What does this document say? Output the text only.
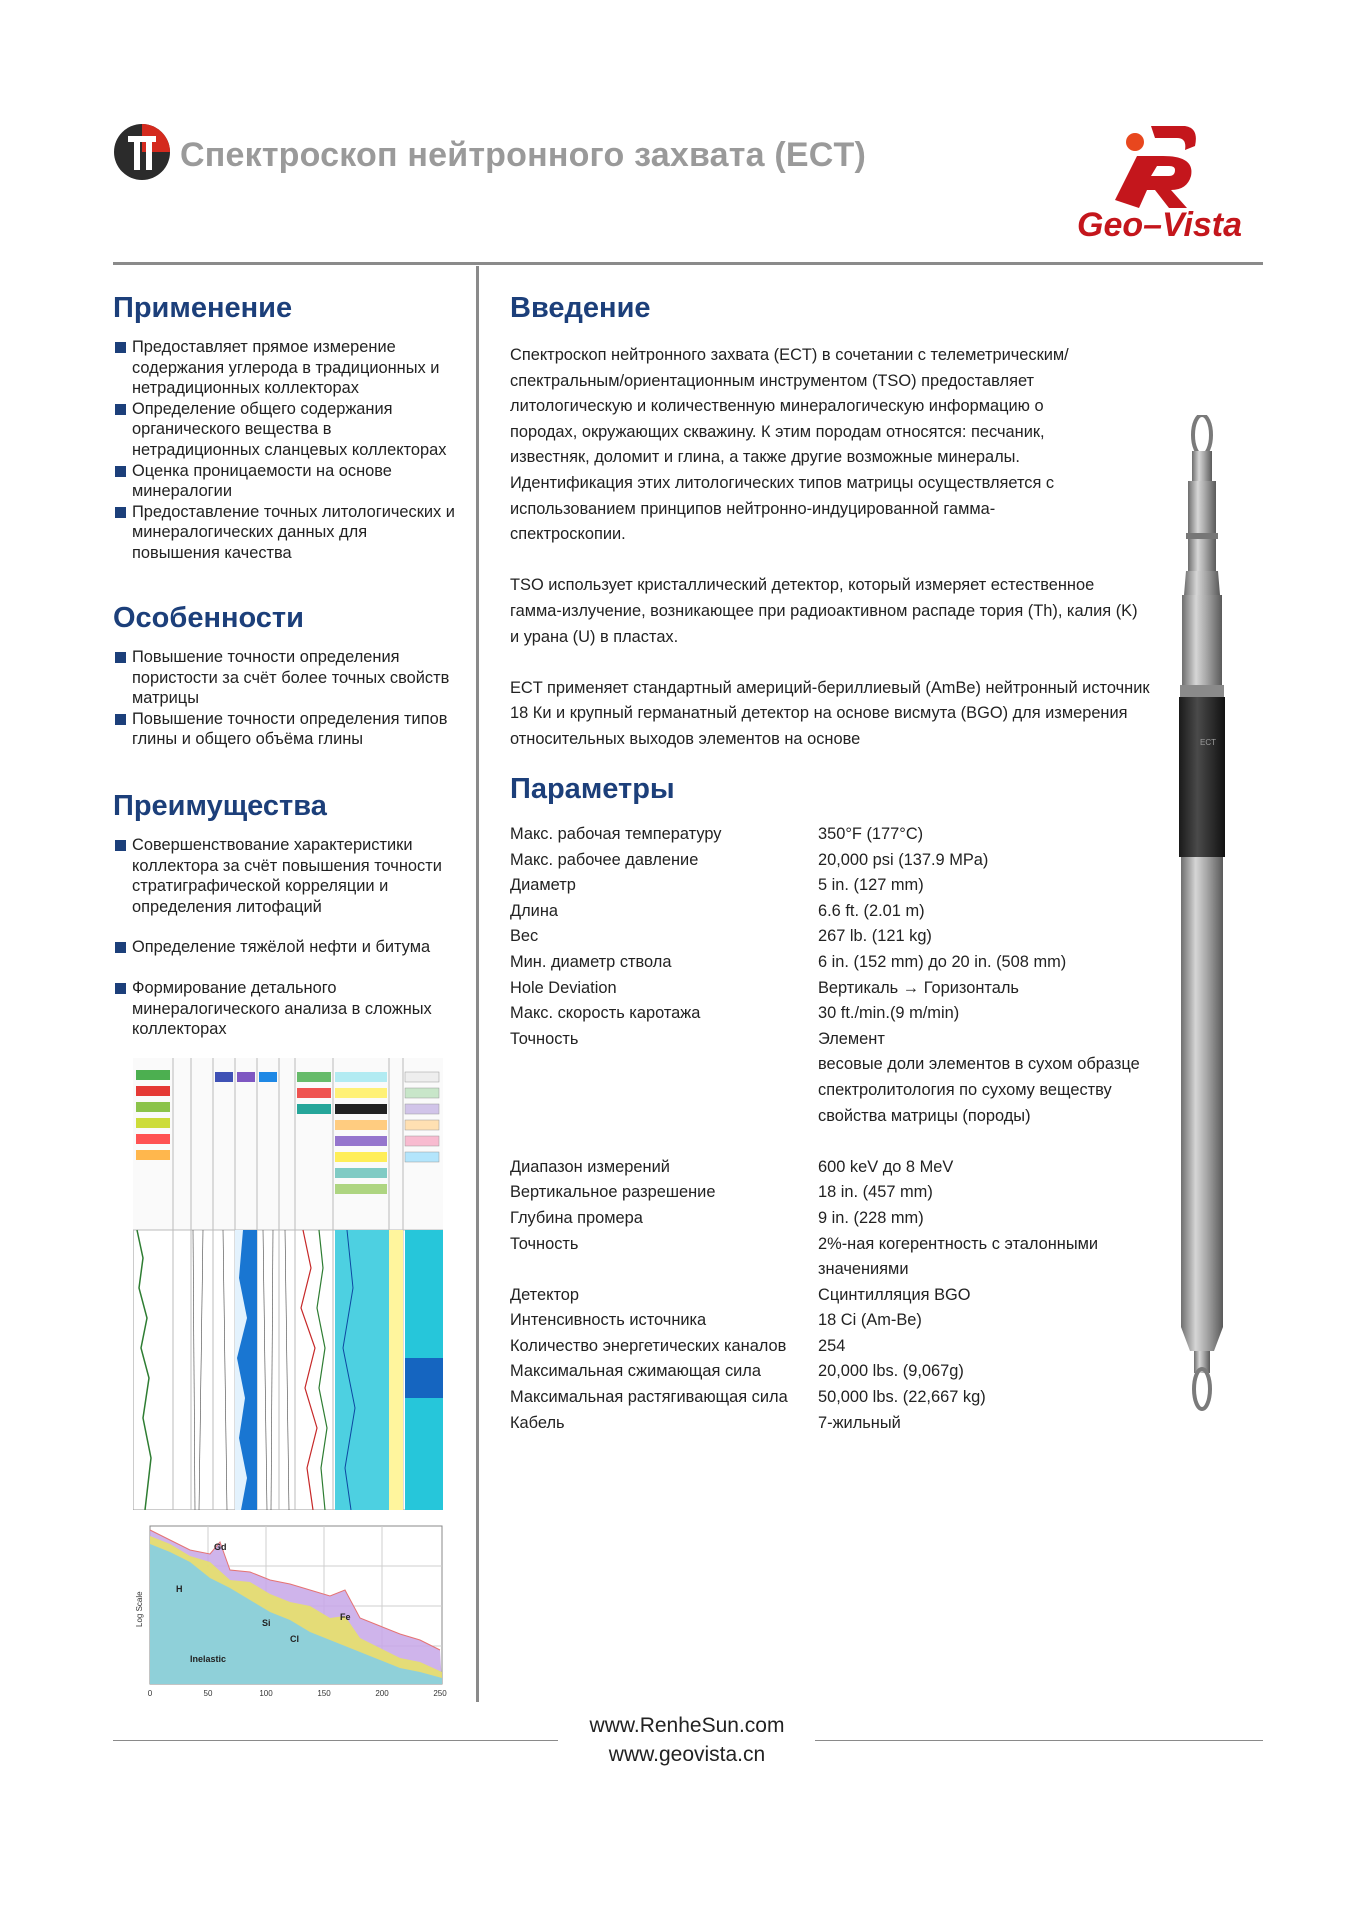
Спектроскоп нейтронного захвата (ECT)
Geo–Vista
Применение
Предоставляет прямое измерение содержания углерода в традиционных и нетрадиционных коллекторах
Определение общего содержания органического вещества в нетрадиционных сланцевых коллекторах
Оценка проницаемости на основе минералогии
Предоставление точных литологических и минералогических данных для повышения качества
Особенности
Повышение точности определения пористости за счёт более точных свойств матрицы
Повышение точности определения типов глины и общего объёма глины
Преимущества
Совершенствование характеристики коллектора за счёт повышения точности стратиграфической корреляции и определения литофаций
Определение тяжёлой нефти и битума
Формирование детального минералогического анализа в сложных коллекторах
Gd
H
Si
Fe
Cl
Inelastic
Log Scale
0	50	100	150	200	250
Введение

Спектроскоп нейтронного захвата (ECT) в сочетании с телеметрическим/спектральным/ориентационным инструментом (TSO) предоставляет литологическую и количественную минералогическую информацию о породах, окружающих скважину. К этим породам относятся: песчаник, известняк, доломит и глина, а также другие возможные минералы. Идентификация этих литологических типов матрицы осуществляется с использованием принципов нейтронно-индуцированной гамма-спектроскопии.

TSO использует кристаллический детектор, который измеряет естественное гамма-излучение, возникающее при радиоактивном распаде тория (Th), калия (K) и урана (U) в пластах.

ECT применяет стандартный америций-бериллиевый (AmBe) нейтронный источник 18 Ки и крупный германатный детектор на основе висмута (BGO) для измерения относительных выходов элементов на основе

Параметры
Макс. рабочая температуру	350°F (177°C)
Макс. рабочее давление	20,000 psi (137.9 MPa)
Диаметр	5 in. (127 mm)
Длина	6.6 ft. (2.01 m)
Вес	267 lb. (121 kg)
Мин. диаметр ствола	6 in. (152 mm) до 20 in. (508 mm)
Hole Deviation	Вертикаль → Горизонталь
Макс. скорость каротажа	30 ft./min.(9 m/min)
Точность	Элемент
	весовые доли элементов в сухом образце
	спектролитология по сухому веществу
	свойства матрицы (породы)

Диапазон измерений	600 keV до 8 MeV
Вертикальное разрешение	18 in. (457 mm)
Глубина промера	9 in. (228 mm)
Точность	2%-ная когерентность с эталонными
	значениями
Детектор	Сцинтилляция BGO
Интенсивность источника	18 Ci (Am-Be)
Количество энергетических каналов	254
Максимальная сжимающая сила	20,000 lbs. (9,067g)
Максимальная растягивающая сила	50,000 lbs. (22,667 kg)
Кабель	7-жильный
ECT
www.RenheSun.com
www.geovista.cn
